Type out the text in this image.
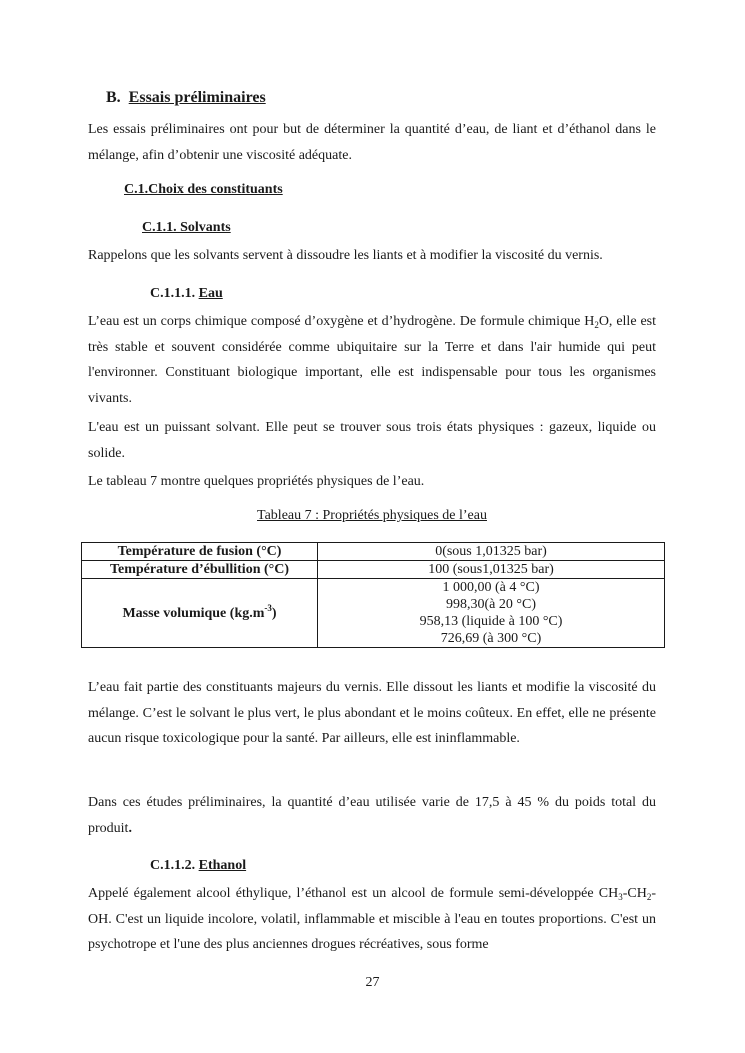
B. Essais préliminaires

Les essais préliminaires ont pour but de déterminer la quantité d’eau, de liant et d’éthanol dans le mélange, afin d’obtenir une viscosité adéquate.

C.1.Choix des constituants
C.1.1. Solvants

Rappelons que les solvants servent à dissoudre les liants et à modifier la viscosité du vernis.

C.1.1.1. Eau

L’eau est un corps chimique composé d’oxygène et d’hydrogène. De formule chimique $H_2O$, elle est très stable et souvent considérée comme ubiquitaire sur la Terre et dans l'air humide qui peut l'environner. Constituant biologique important, elle est indispensable pour tous les organismes vivants.

L'eau est un puissant solvant. Elle peut se trouver sous trois états physiques : gazeux, liquide ou solide.

Le tableau 7 montre quelques propriétés physiques de l’eau.

Tableau 7 : Propriétés physiques de l’eau
Température de fusion (°C)	0(sous 1,01325 bar)
Température d’ébullition (°C)	100 (sous1,01325 bar)
Masse volumique $(kg.m^{-3})$	1 000,00 (à 4 °C)
998,30(à 20 °C)
958,13 (liquide à 100 °C)
726,69 (à 300 °C)

L’eau fait partie des constituants majeurs du vernis. Elle dissout les liants et modifie la viscosité du mélange. C’est le solvant le plus vert, le plus abondant et le moins coûteux. En effet, elle ne présente aucun risque toxicologique pour la santé. Par ailleurs, elle est ininflammable.

Dans ces études préliminaires, la quantité d’eau utilisée varie de 17,5 à 45 % du poids total du produit.

C.1.1.2. Ethanol

Appelé également alcool éthylique, l’éthanol est un alcool de formule semi-développée $CH_3-CH_2-OH$. C'est un liquide incolore, volatil, inflammable et miscible à l'eau en toutes proportions. C'est un psychotrope et l'une des plus anciennes drogues récréatives, sous forme

27
